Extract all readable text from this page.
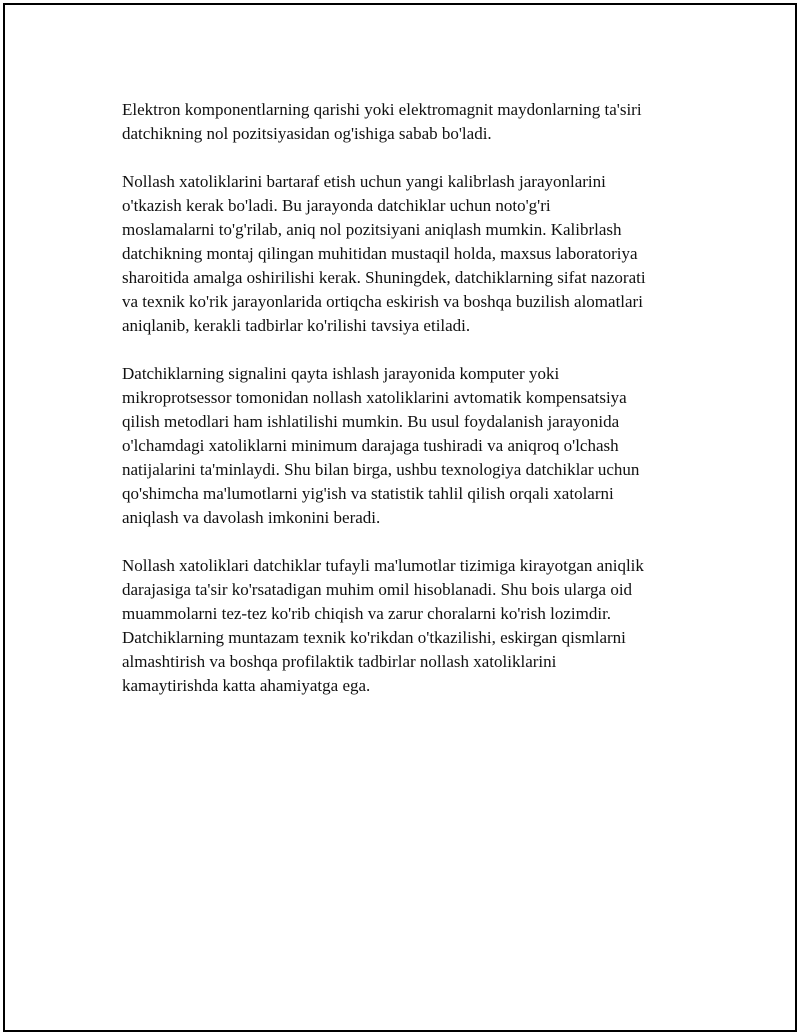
Elektron komponentlarning qarishi yoki elektromagnit maydonlarning ta'siri
datchikning nol pozitsiyasidan og'ishiga sabab bo'ladi.

Nollash xatoliklarini bartaraf etish uchun yangi kalibrlash jarayonlarini
o'tkazish kerak bo'ladi. Bu jarayonda datchiklar uchun noto'g'ri
moslamalarni to'g'rilab, aniq nol pozitsiyani aniqlash mumkin. Kalibrlash
datchikning montaj qilingan muhitidan mustaqil holda, maxsus laboratoriya
sharoitida amalga oshirilishi kerak. Shuningdek, datchiklarning sifat nazorati
va texnik ko'rik jarayonlarida ortiqcha eskirish va boshqa buzilish alomatlari
aniqlanib, kerakli tadbirlar ko'rilishi tavsiya etiladi.

Datchiklarning signalini qayta ishlash jarayonida komputer yoki
mikroprotsessor tomonidan nollash xatoliklarini avtomatik kompensatsiya
qilish metodlari ham ishlatilishi mumkin. Bu usul foydalanish jarayonida
o'lchamdagi xatoliklarni minimum darajaga tushiradi va aniqroq o'lchash
natijalarini ta'minlaydi. Shu bilan birga, ushbu texnologiya datchiklar uchun
qo'shimcha ma'lumotlarni yig'ish va statistik tahlil qilish orqali xatolarni
aniqlash va davolash imkonini beradi.

Nollash xatoliklari datchiklar tufayli ma'lumotlar tizimiga kirayotgan aniqlik
darajasiga ta'sir ko'rsatadigan muhim omil hisoblanadi. Shu bois ularga oid
muammolarni tez-tez ko'rib chiqish va zarur choralarni ko'rish lozimdir.
Datchiklarning muntazam texnik ko'rikdan o'tkazilishi, eskirgan qismlarni
almashtirish va boshqa profilaktik tadbirlar nollash xatoliklarini
kamaytirishda katta ahamiyatga ega.
